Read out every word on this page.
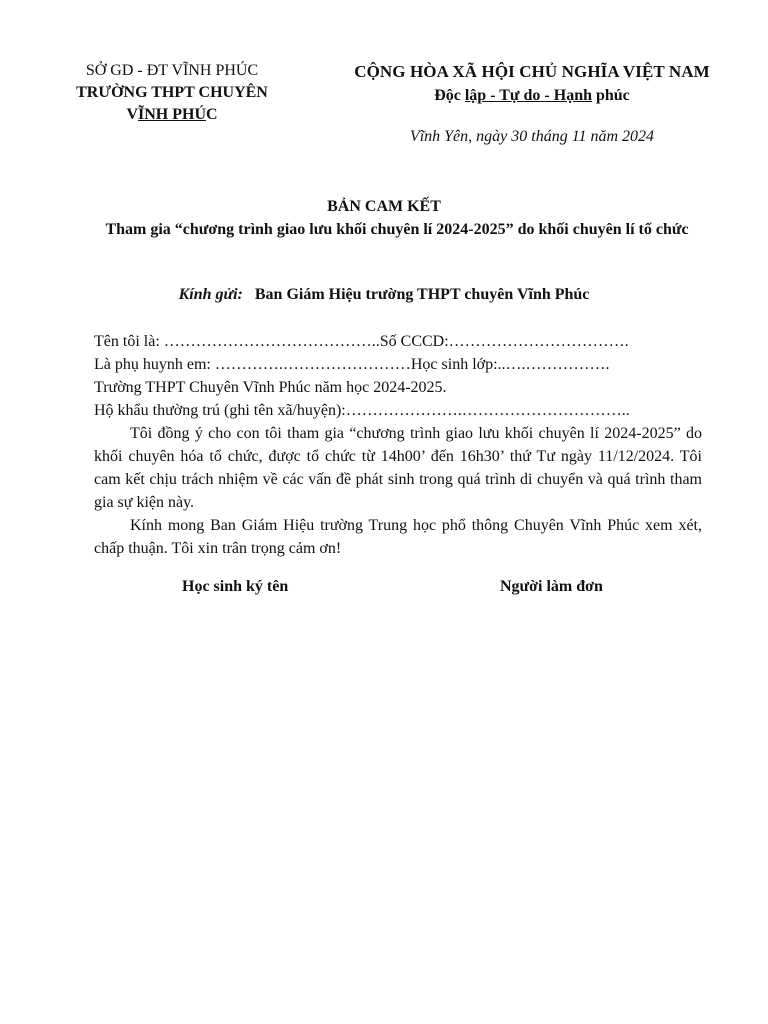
SỞ GD - ĐT VĨNH PHÚC
TRƯỜNG THPT CHUYÊN
VĨNH PHÚC
CỘNG HÒA XÃ HỘI CHỦ NGHĨA VIỆT NAM
Độc lập - Tự do - Hạnh phúc
Vĩnh Yên, ngày 30 tháng 11 năm 2024
BẢN CAM KẾT
Tham gia “chương trình giao lưu khối chuyên lí 2024-2025” do khối chuyên lí tổ chức
Kính gửi: Ban Giám Hiệu trường THPT chuyên Vĩnh Phúc
Tên tôi là: …………………………………..Số CCCD:…………………………….
Là phụ huynh em: ………….……………………Học sinh lớp:..….…………….
Trường THPT Chuyên Vĩnh Phúc năm học 2024-2025.
Hộ khẩu thường trú (ghi tên xã/huyện):………………….…………………………..
Tôi đồng ý cho con tôi tham gia “chương trình giao lưu khối chuyên lí 2024-2025” do khối chuyên hóa tổ chức, được tổ chức từ 14h00’ đến 16h30’ thứ Tư ngày 11/12/2024. Tôi cam kết chịu trách nhiệm về các vấn đề phát sinh trong quá trình di chuyển và quá trình tham gia sự kiện này.
Kính mong Ban Giám Hiệu trường Trung học phổ thông Chuyên Vĩnh Phúc xem xét, chấp thuận. Tôi xin trân trọng cảm ơn!
Học sinh ký tên	Người làm đơn
